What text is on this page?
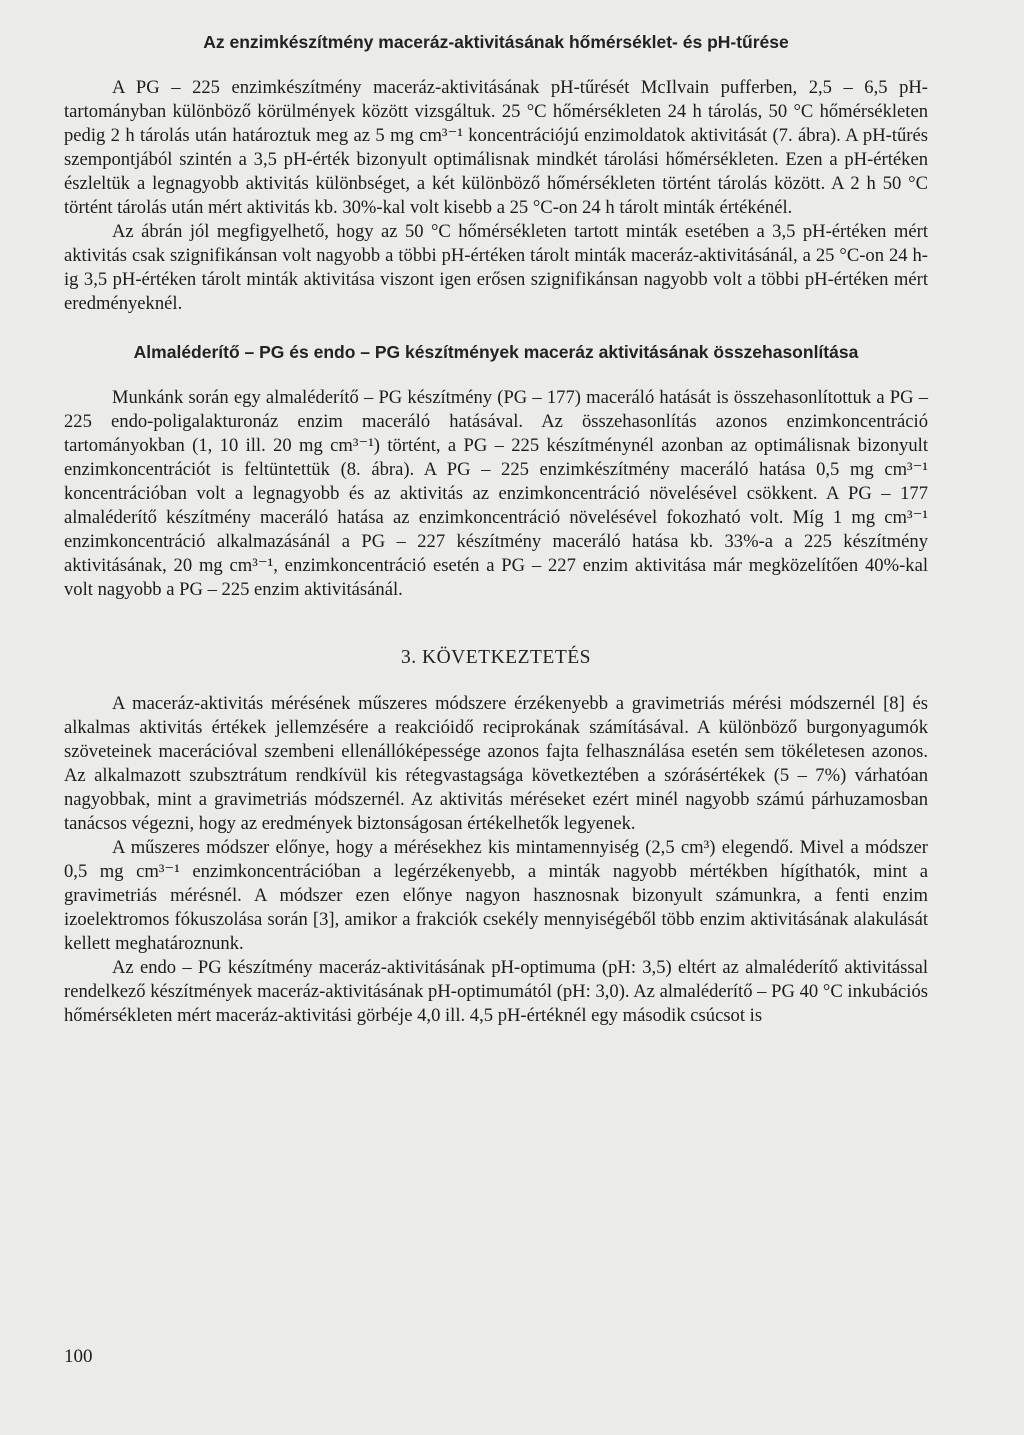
Az enzimkészítmény maceráz-aktivitásának hőmérséklet- és pH-tűrése

A PG – 225 enzimkészítmény maceráz-aktivitásának pH-tűrését McIlvain pufferben, 2,5 – 6,5 pH-tartományban különböző körülmények között vizsgáltuk. 25 °C hőmérsékleten 24 h tárolás, 50 °C hőmérsékleten pedig 2 h tárolás után határoztuk meg az 5 mg cm³⁻¹ koncentrációjú enzimoldatok aktivitását (7. ábra). A pH-tűrés szempontjából szintén a 3,5 pH-érték bizonyult optimálisnak mindkét tárolási hőmérsékleten. Ezen a pH-értéken észleltük a legnagyobb aktivitás különbséget, a két különböző hőmérsékleten történt tárolás között. A 2 h 50 °C történt tárolás után mért aktivitás kb. 30%-kal volt kisebb a 25 °C-on 24 h tárolt minták értékénél.

Az ábrán jól megfigyelhető, hogy az 50 °C hőmérsékleten tartott minták esetében a 3,5 pH-értéken mért aktivitás csak szignifikánsan volt nagyobb a többi pH-értéken tárolt minták maceráz-aktivitásánál, a 25 °C-on 24 h-ig 3,5 pH-értéken tárolt minták aktivitása viszont igen erősen szignifikánsan nagyobb volt a többi pH-értéken mért eredményeknél.

Almaléderítő – PG és endo – PG készítmények maceráz aktivitásának összehasonlítása

Munkánk során egy almaléderítő – PG készítmény (PG – 177) maceráló hatását is összehasonlítottuk a PG – 225 endo-poligalakturonáz enzim maceráló hatásával. Az összehasonlítás azonos enzimkoncentráció tartományokban (1, 10 ill. 20 mg cm³⁻¹) történt, a PG – 225 készítménynél azonban az optimálisnak bizonyult enzimkoncentrációt is feltüntettük (8. ábra). A PG – 225 enzimkészítmény maceráló hatása 0,5 mg cm³⁻¹ koncentrációban volt a legnagyobb és az aktivitás az enzimkoncentráció növelésével csökkent. A PG – 177 almaléderítő készítmény maceráló hatása az enzimkoncentráció növelésével fokozható volt. Míg 1 mg cm³⁻¹ enzimkoncentráció alkalmazásánál a PG – 227 készítmény maceráló hatása kb. 33%-a a 225 készítmény aktivitásának, 20 mg cm³⁻¹, enzimkoncentráció esetén a PG – 227 enzim aktivitása már megközelítően 40%-kal volt nagyobb a PG – 225 enzim aktivitásánál.

3. KÖVETKEZTETÉS

A maceráz-aktivitás mérésének műszeres módszere érzékenyebb a gravimetriás mérési módszernél [8] és alkalmas aktivitás értékek jellemzésére a reakcióidő reciprokának számításával. A különböző burgonyagumók szöveteinek macerációval szembeni ellenállóképessége azonos fajta felhasználása esetén sem tökéletesen azonos. Az alkalmazott szubsztrátum rendkívül kis rétegvastagsága következtében a szórásértékek (5 – 7%) várhatóan nagyobbak, mint a gravimetriás módszernél. Az aktivitás méréseket ezért minél nagyobb számú párhuzamosban tanácsos végezni, hogy az eredmények biztonságosan értékelhetők legyenek.

A műszeres módszer előnye, hogy a mérésekhez kis mintamennyiség (2,5 cm³) elegendő. Mivel a módszer 0,5 mg cm³⁻¹ enzimkoncentrációban a legérzékenyebb, a minták nagyobb mértékben hígíthatók, mint a gravimetriás mérésnél. A módszer ezen előnye nagyon hasznosnak bizonyult számunkra, a fenti enzim izoelektromos fókuszolása során [3], amikor a frakciók csekély mennyiségéből több enzim aktivitásának alakulását kellett meghatároznunk.

Az endo – PG készítmény maceráz-aktivitásának pH-optimuma (pH: 3,5) eltért az almaléderítő aktivitással rendelkező készítmények maceráz-aktivitásának pH-optimumától (pH: 3,0). Az almaléderítő – PG 40 °C inkubációs hőmérsékleten mért maceráz-aktivitási görbéje 4,0 ill. 4,5 pH-értéknél egy második csúcsot is

100
